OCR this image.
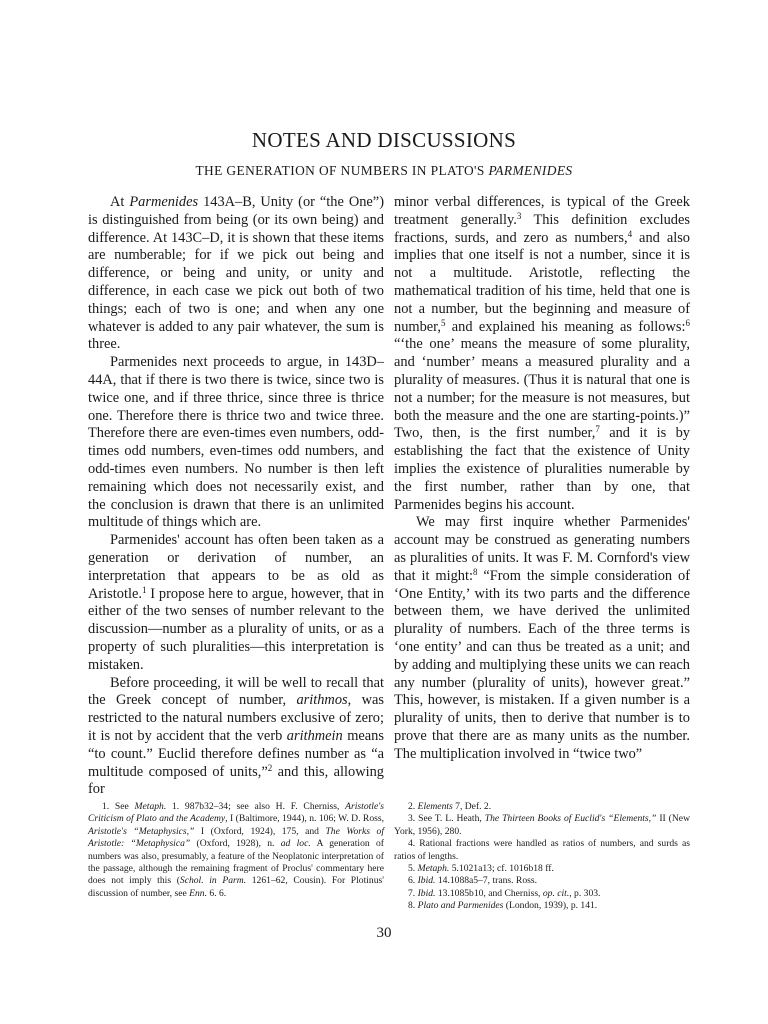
NOTES AND DISCUSSIONS
THE GENERATION OF NUMBERS IN PLATO'S PARMENIDES

At Parmenides 143A–B, Unity (or “the One”) is distinguished from being (or its own being) and difference. At 143C–D, it is shown that these items are numberable; for if we pick out being and difference, or being and unity, or unity and difference, in each case we pick out both of two things; each of two is one; and when any one whatever is added to any pair whatever, the sum is three.

Parmenides next proceeds to argue, in 143D–44A, that if there is two there is twice, since two is twice one, and if three thrice, since three is thrice one. Therefore there is thrice two and twice three. Therefore there are even-times even numbers, odd-times odd numbers, even-times odd numbers, and odd-times even numbers. No number is then left remaining which does not necessarily exist, and the conclusion is drawn that there is an unlimited multitude of things which are.

Parmenides' account has often been taken as a generation or derivation of number, an interpretation that appears to be as old as Aristotle.$^1$ I propose here to argue, however, that in either of the two senses of number relevant to the discussion—number as a plurality of units, or as a property of such pluralities—this interpretation is mistaken.

Before proceeding, it will be well to recall that the Greek concept of number, arithmos, was restricted to the natural numbers exclusive of zero; it is not by accident that the verb arithmein means “to count.” Euclid therefore defines number as “a multitude composed of units,”$^2$ and this, allowing for

minor verbal differences, is typical of the Greek treatment generally.$^3$ This definition excludes fractions, surds, and zero as numbers,$^4$ and also implies that one itself is not a number, since it is not a multitude. Aristotle, reflecting the mathematical tradition of his time, held that one is not a number, but the beginning and measure of number,$^5$ and explained his meaning as follows:$^6$ “‘the one’ means the measure of some plurality, and ‘number’ means a measured plurality and a plurality of measures. (Thus it is natural that one is not a number; for the measure is not measures, but both the measure and the one are starting-points.)” Two, then, is the first number,$^7$ and it is by establishing the fact that the existence of Unity implies the existence of pluralities numerable by the first number, rather than by one, that Parmenides begins his account.

We may first inquire whether Parmenides' account may be construed as generating numbers as pluralities of units. It was F. M. Cornford's view that it might:$^8$ “From the simple consideration of ‘One Entity,’ with its two parts and the difference between them, we have derived the unlimited plurality of numbers. Each of the three terms is ‘one entity’ and can thus be treated as a unit; and by adding and multiplying these units we can reach any number (plurality of units), however great.” This, however, is mistaken. If a given number is a plurality of units, then to derive that number is to prove that there are as many units as the number. The multiplication involved in “twice two”

1. See Metaph. 1. 987b32–34; see also H. F. Cherniss, Aristotle's Criticism of Plato and the Academy, I (Baltimore, 1944), n. 106; W. D. Ross, Aristotle's “Metaphysics,” I (Oxford, 1924), 175, and The Works of Aristotle: “Metaphysica” (Oxford, 1928), n. ad loc. A generation of numbers was also, presumably, a feature of the Neoplatonic interpretation of the passage, although the remaining fragment of Proclus' commentary here does not imply this (Schol. in Parm. 1261–62, Cousin). For Plotinus' discussion of number, see Enn. 6. 6.

2. Elements 7, Def. 2.

3. See T. L. Heath, The Thirteen Books of Euclid's “Elements,” II (New York, 1956), 280.

4. Rational fractions were handled as ratios of numbers, and surds as ratios of lengths.

5. Metaph. 5.1021a13; cf. 1016b18 ff.

6. Ibid. 14.1088a5–7, trans. Ross.

7. Ibid. 13.1085b10, and Cherniss, op. cit., p. 303.

8. Plato and Parmenides (London, 1939), p. 141.

30
